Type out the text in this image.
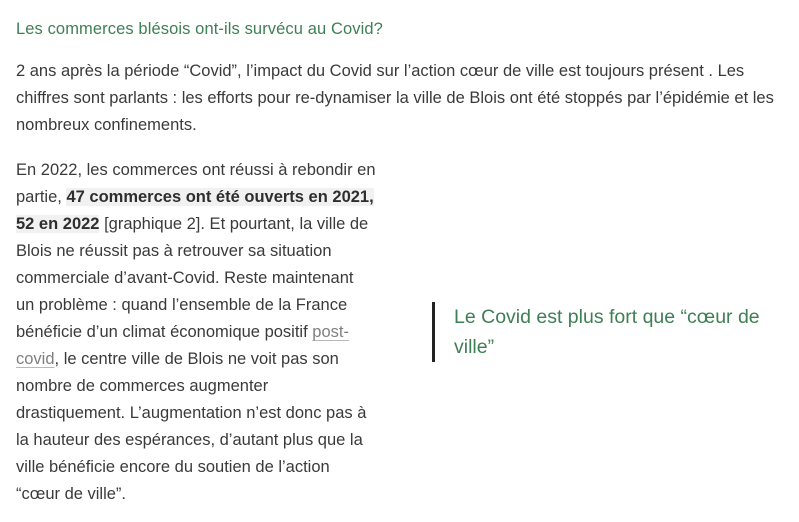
Les commerces blésois ont-ils survécu au Covid?

2 ans après la période “Covid”, l’impact du Covid sur l’action cœur de ville est toujours présent . Les chiffres sont parlants : les efforts pour re-dynamiser la ville de Blois ont été stoppés par l’épidémie et les nombreux confinements.

En 2022, les commerces ont réussi à rebondir en partie, 47 commerces ont été ouverts en 2021, 52 en 2022 [graphique 2]. Et pourtant, la ville de Blois ne réussit pas à retrouver sa situation commerciale d’avant-Covid. Reste maintenant un problème : quand l’ensemble de la France bénéficie d’un climat économique positif post-covid, le centre ville de Blois ne voit pas son nombre de commerces augmenter drastiquement. L’augmentation n’est donc pas à la hauteur des espérances, d’autant plus que la ville bénéficie encore du soutien de l’action “cœur de ville”.

Le Covid est plus fort que “cœur de ville”
